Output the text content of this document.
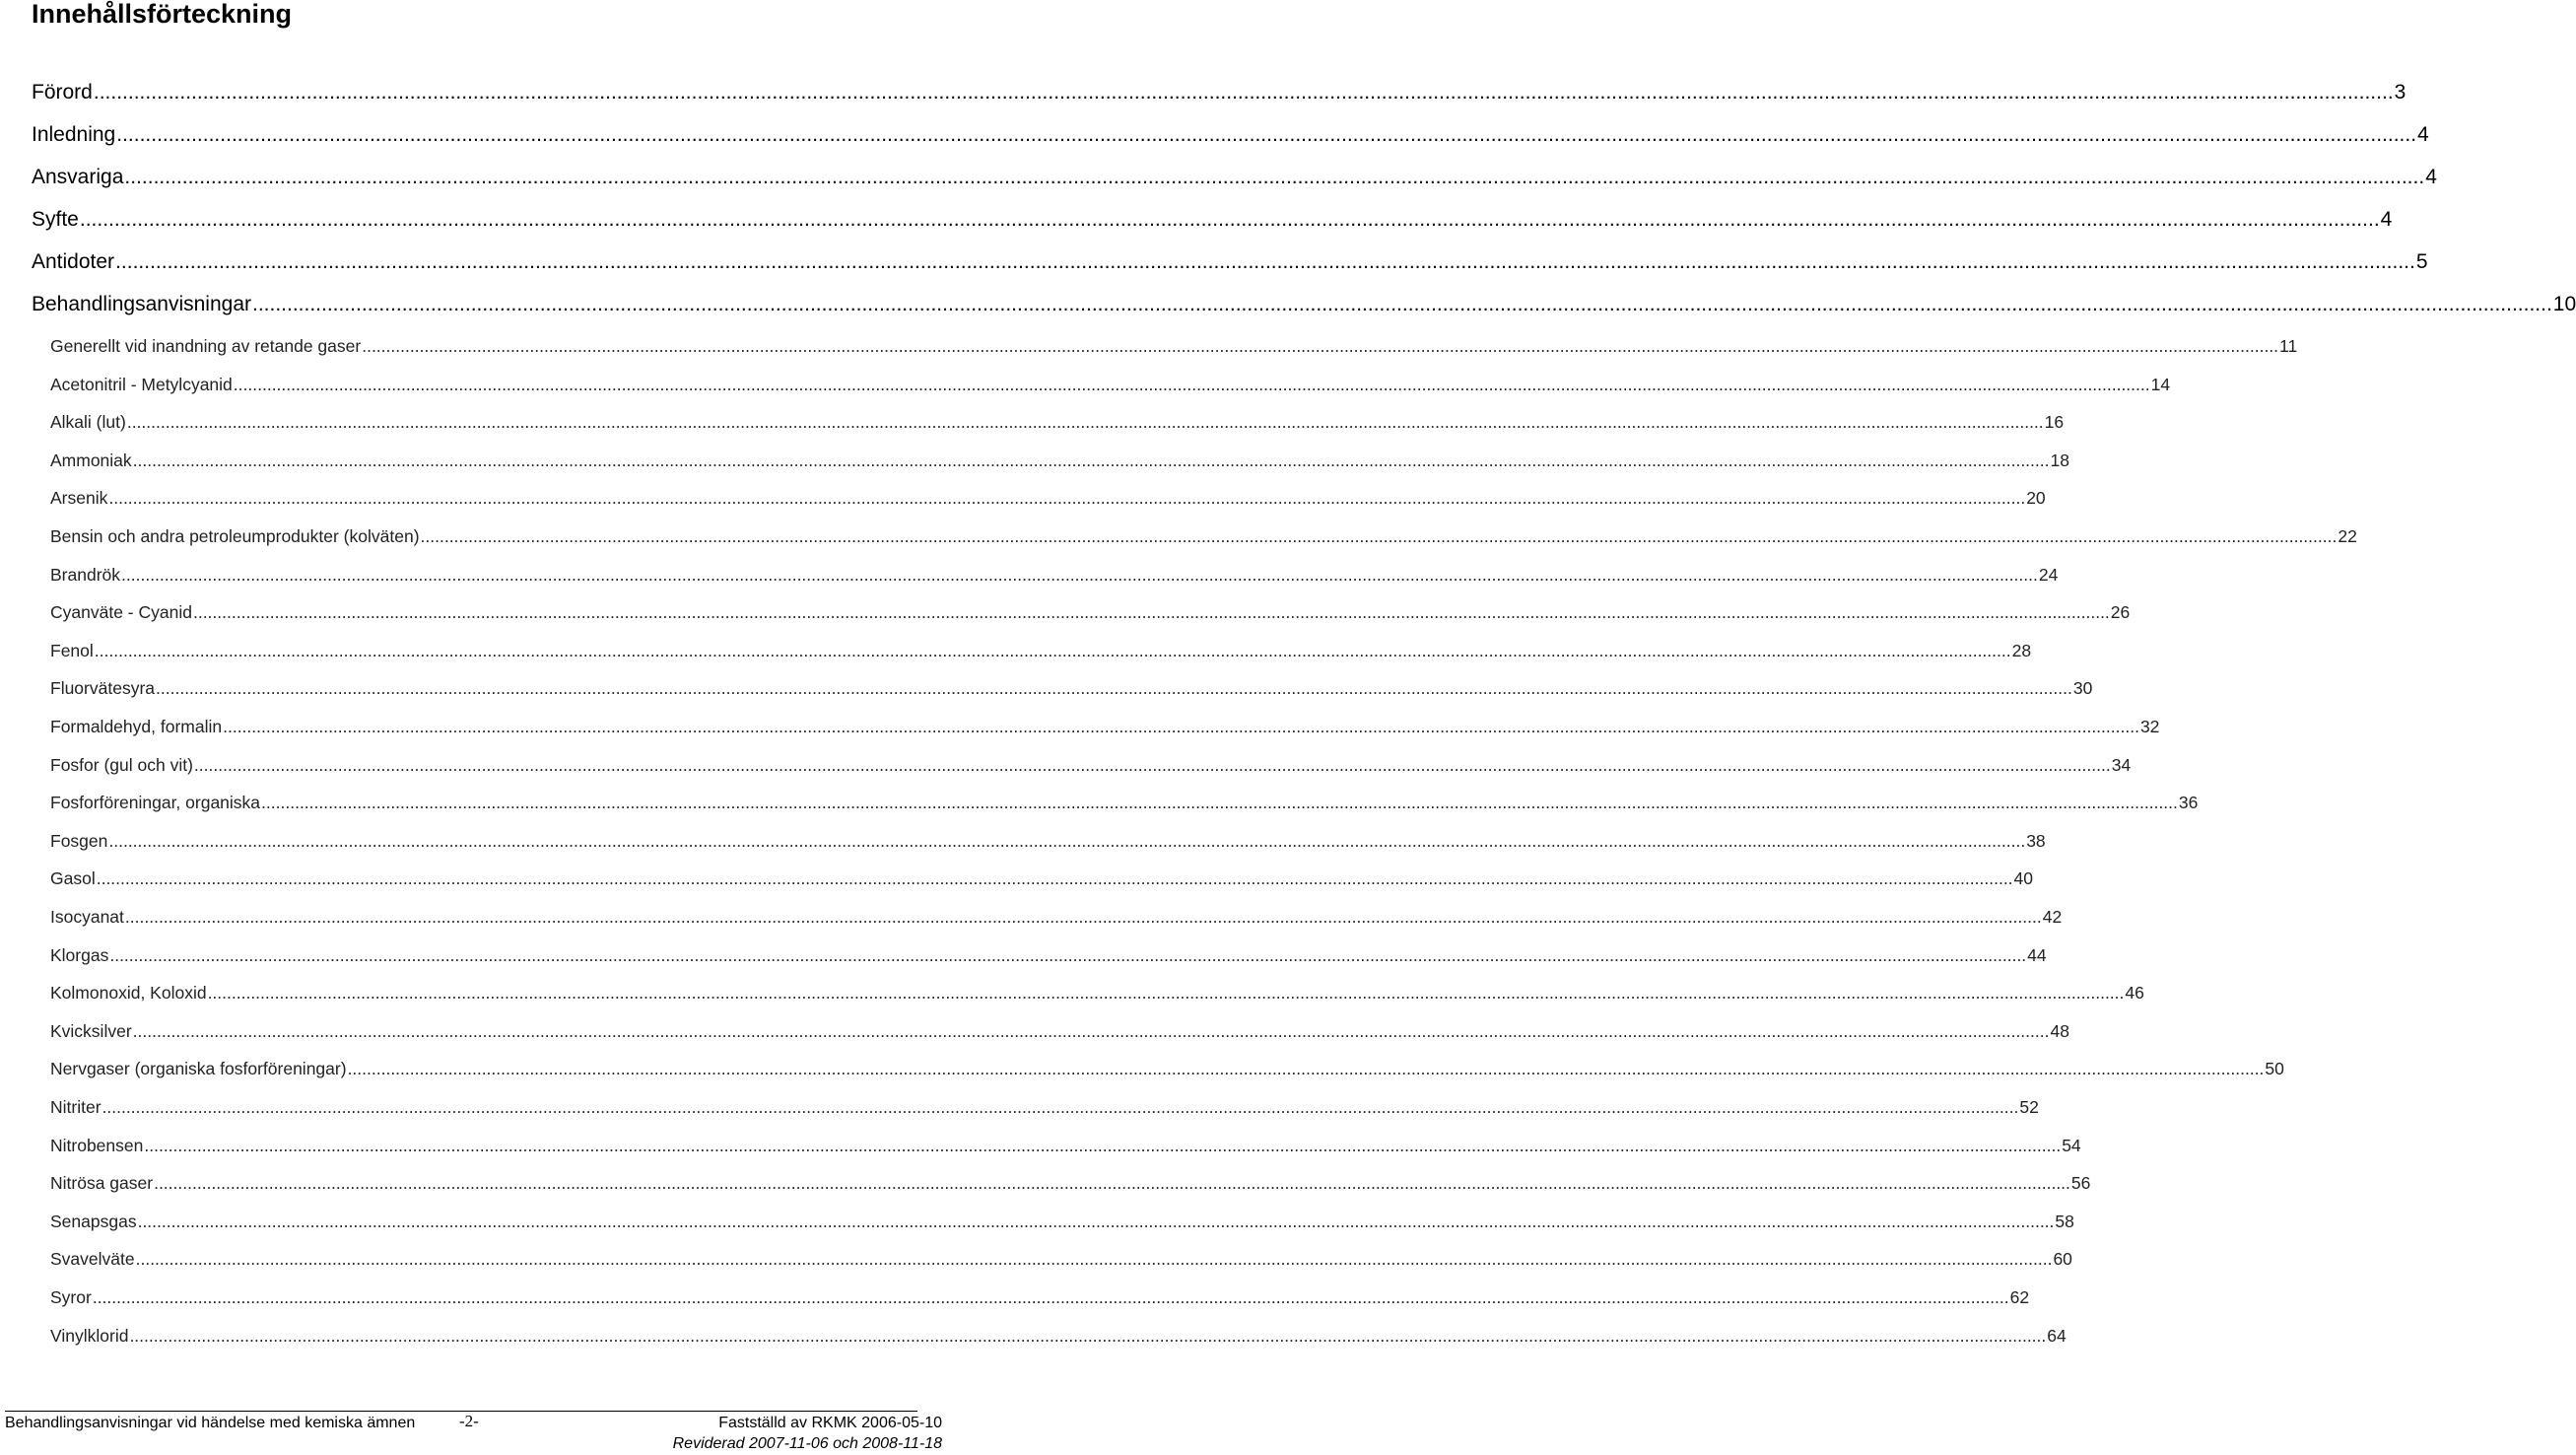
Innehållsförteckning
Förord ................................................................................................................................................................................................................................................................................................................................................................................................................ 3
Inledning ................................................................................................................................................................................................................................................................................................................................................................................................................ 4
Ansvariga ................................................................................................................................................................................................................................................................................................................................................................................................................ 4
Syfte ................................................................................................................................................................................................................................................................................................................................................................................................................ 4
Antidoter ................................................................................................................................................................................................................................................................................................................................................................................................................ 5
Behandlingsanvisningar ................................................................................................................................................................................................................................................................................................................................................................................................................ 10
Generellt vid inandning av retande gaser ................................................................................................................................................................................................................................................................................................................................................................................................................ 11
Acetonitril - Metylcyanid ................................................................................................................................................................................................................................................................................................................................................................................................................ 14
Alkali (lut) ................................................................................................................................................................................................................................................................................................................................................................................................................ 16
Ammoniak ................................................................................................................................................................................................................................................................................................................................................................................................................ 18
Arsenik ................................................................................................................................................................................................................................................................................................................................................................................................................ 20
Bensin och andra petroleumprodukter (kolväten) ................................................................................................................................................................................................................................................................................................................................................................................................................ 22
Brandrök ................................................................................................................................................................................................................................................................................................................................................................................................................ 24
Cyanväte - Cyanid ................................................................................................................................................................................................................................................................................................................................................................................................................ 26
Fenol ................................................................................................................................................................................................................................................................................................................................................................................................................ 28
Fluorvätesyra ................................................................................................................................................................................................................................................................................................................................................................................................................ 30
Formaldehyd, formalin ................................................................................................................................................................................................................................................................................................................................................................................................................ 32
Fosfor (gul och vit) ................................................................................................................................................................................................................................................................................................................................................................................................................ 34
Fosforföreningar, organiska ................................................................................................................................................................................................................................................................................................................................................................................................................ 36
Fosgen ................................................................................................................................................................................................................................................................................................................................................................................................................ 38
Gasol ................................................................................................................................................................................................................................................................................................................................................................................................................ 40
Isocyanat ................................................................................................................................................................................................................................................................................................................................................................................................................ 42
Klorgas ................................................................................................................................................................................................................................................................................................................................................................................................................ 44
Kolmonoxid, Koloxid ................................................................................................................................................................................................................................................................................................................................................................................................................ 46
Kvicksilver ................................................................................................................................................................................................................................................................................................................................................................................................................ 48
Nervgaser (organiska fosforföreningar) ................................................................................................................................................................................................................................................................................................................................................................................................................ 50
Nitriter ................................................................................................................................................................................................................................................................................................................................................................................................................ 52
Nitrobensen ................................................................................................................................................................................................................................................................................................................................................................................................................ 54
Nitrösa gaser ................................................................................................................................................................................................................................................................................................................................................................................................................ 56
Senapsgas ................................................................................................................................................................................................................................................................................................................................................................................................................ 58
Svavelväte ................................................................................................................................................................................................................................................................................................................................................................................................................ 60
Syror ................................................................................................................................................................................................................................................................................................................................................................................................................ 62
Vinylklorid ................................................................................................................................................................................................................................................................................................................................................................................................................ 64
Behandlingsanvisningar vid händelse med kemiska ämnen	-2-	Fastställd av RKMK 2006-05-10
Reviderad 2007-11-06 och 2008-11-18
